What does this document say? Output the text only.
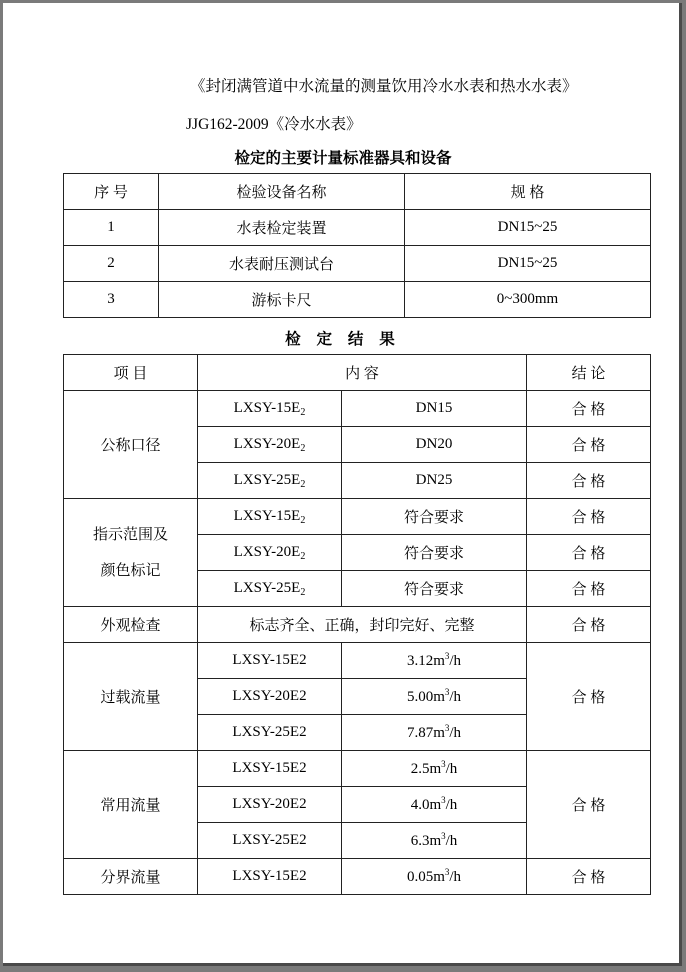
《封闭满管道中水流量的测量饮用冷水水表和热水水表》
JJG162-2009《冷水水表》
检定的主要计量标准器具和设备
序 号	检验设备名称	规 格
1	水表检定装置	DN15~25
2	水表耐压测试台	DN15~25
3	游标卡尺	0~300mm
检 定 结 果
项 目	内 容		结 论
公称口径	LXSY-$15E_2$	DN15	合 格
	LXSY-$20E_2$	DN20	合 格
	LXSY-$25E_2$	DN25	合 格
指示范围及
颜色标记	LXSY-$15E_2$	符合要求	合 格
	LXSY-$20E_2$	符合要求	合 格
	LXSY-$25E_2$	符合要求	合 格
外观检查	标志齐全、正确，封印完好、完整		合 格
过载流量	LXSY-15E2	$3.12m^3/h$	合 格
	LXSY-20E2	$5.00m^3/h$	
	LXSY-25E2	$7.87m^3/h$	
常用流量	LXSY-15E2	$2.5m^3/h$	合 格
	LXSY-20E2	$4.0m^3/h$	
	LXSY-25E2	$6.3m^3/h$	
分界流量	LXSY-15E2	$0.05m^3/h$	合 格
